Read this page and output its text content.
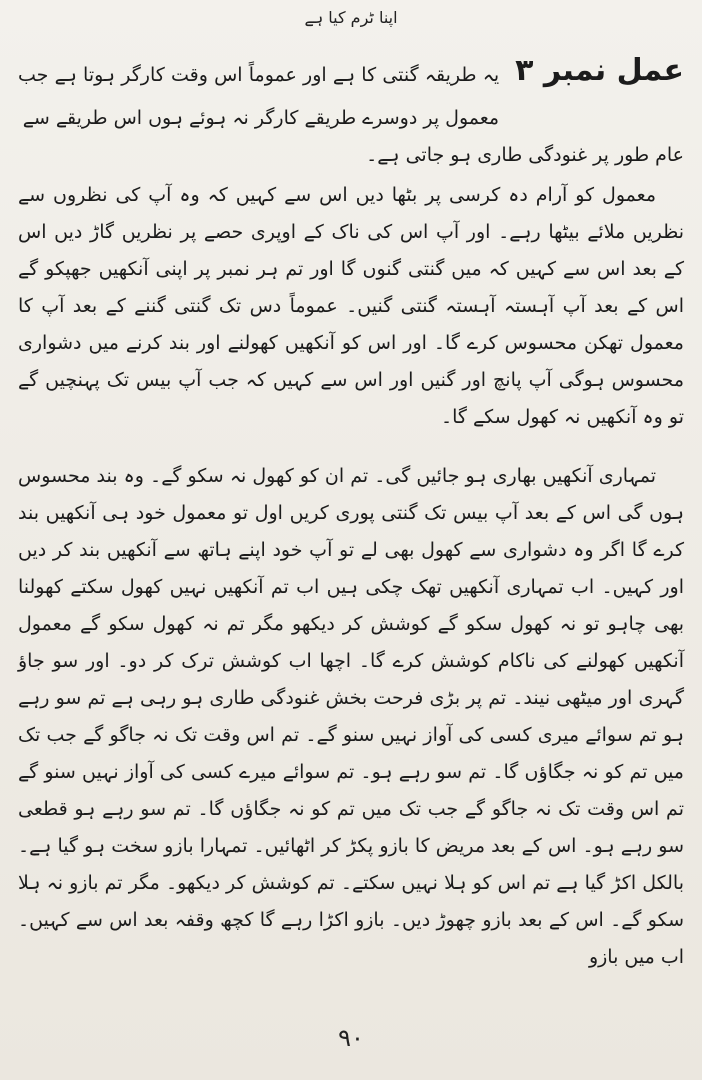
اپنا ٹرم کیا ہے
عمل نمبر ۳
یہ طریقہ گنتی کا ہے اور عموماً اس وقت کارگر ہوتا ہے جب معمول پر دوسرے طریقے کارگر نہ ہوئے ہوں اس طریقے سے
عام طور پر غنودگی طاری ہو جاتی ہے۔

معمول کو آرام دہ کرسی پر بٹھا دیں اس سے کہیں کہ وہ آپ کی نظروں سے نظریں ملائے بیٹھا رہے۔ اور آپ اس کی ناک کے اوپری حصے پر نظریں گاڑ دیں اس کے بعد اس سے کہیں کہ میں گنتی گنوں گا اور تم ہر نمبر پر اپنی آنکھیں جھپکو گے اس کے بعد آپ آہستہ آہستہ گنتی گنیں۔ عموماً دس تک گنتی گننے کے بعد آپ کا معمول تھکن محسوس کرے گا۔ اور اس کو آنکھیں کھولنے اور بند کرنے میں دشواری محسوس ہوگی آپ پانچ اور گنیں اور اس سے کہیں کہ جب آپ بیس تک پہنچیں گے تو وہ آنکھیں نہ کھول سکے گا۔

تمہاری آنکھیں بھاری ہو جائیں گی۔ تم ان کو کھول نہ سکو گے۔ وہ بند محسوس ہوں گی اس کے بعد آپ بیس تک گنتی پوری کریں اول تو معمول خود ہی آنکھیں بند کرے گا اگر وہ دشواری سے کھول بھی لے تو آپ خود اپنے ہاتھ سے آنکھیں بند کر دیں اور کہیں۔ اب تمہاری آنکھیں تھک چکی ہیں اب تم آنکھیں نہیں کھول سکتے کھولنا بھی چاہو تو نہ کھول سکو گے کوشش کر دیکھو مگر تم نہ کھول سکو گے معمول آنکھیں کھولنے کی ناکام کوشش کرے گا۔ اچھا اب کوشش ترک کر دو۔ اور سو جاؤ گہری اور میٹھی نیند۔ تم پر بڑی فرحت بخش غنودگی طاری ہو رہی ہے تم سو رہے ہو تم سوائے میری کسی کی آواز نہیں سنو گے۔ تم اس وقت تک نہ جاگو گے جب تک میں تم کو نہ جگاؤں گا۔ تم سو رہے ہو۔ تم سوائے میرے کسی کی آواز نہیں سنو گے تم اس وقت تک نہ جاگو گے جب تک میں تم کو نہ جگاؤں گا۔ تم سو رہے ہو قطعی سو رہے ہو۔ اس کے بعد مریض کا بازو پکڑ کر اٹھائیں۔ تمہارا بازو سخت ہو گیا ہے۔ بالکل اکڑ گیا ہے تم اس کو ہلا نہیں سکتے۔ تم کوشش کر دیکھو۔ مگر تم بازو نہ ہلا سکو گے۔ اس کے بعد بازو چھوڑ دیں۔ بازو اکڑا رہے گا کچھ وقفہ بعد اس سے کہیں۔ اب میں بازو

۹۰
